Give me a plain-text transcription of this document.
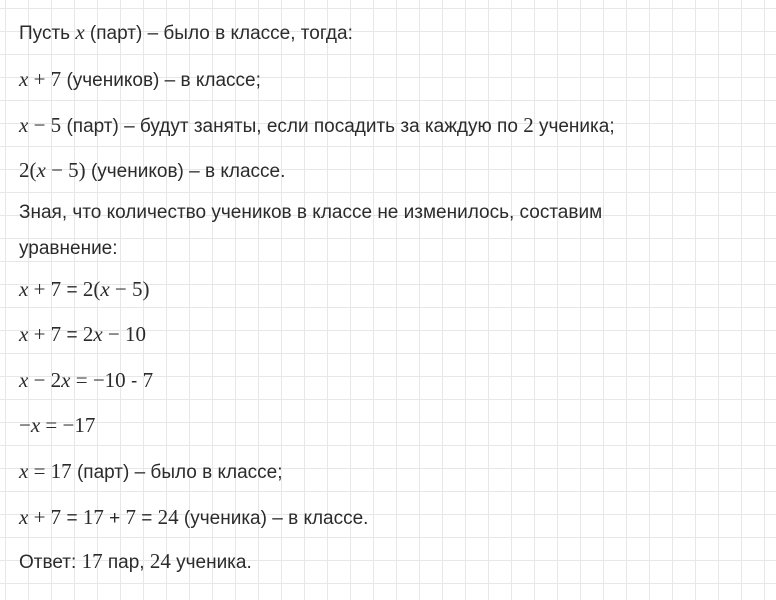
Пусть x (парт) – было в классе, тогда:
x + 7 (учеников) – в классе;
x − 5 (парт) – будут заняты, если посадить за каждую по 2 ученика;
2(x − 5) (учеников) – в классе.
Зная, что количество учеников в классе не изменилось, составим
уравнение:
x + 7 = 2(x − 5)
x + 7 = 2x − 10
x − 2x = −10 - 7
−x = −17
x = 17 (парт) – было в классе;
x + 7 = 17 + 7 = 24 (ученика) – в классе.
Ответ: 17 пар, 24 ученика.
